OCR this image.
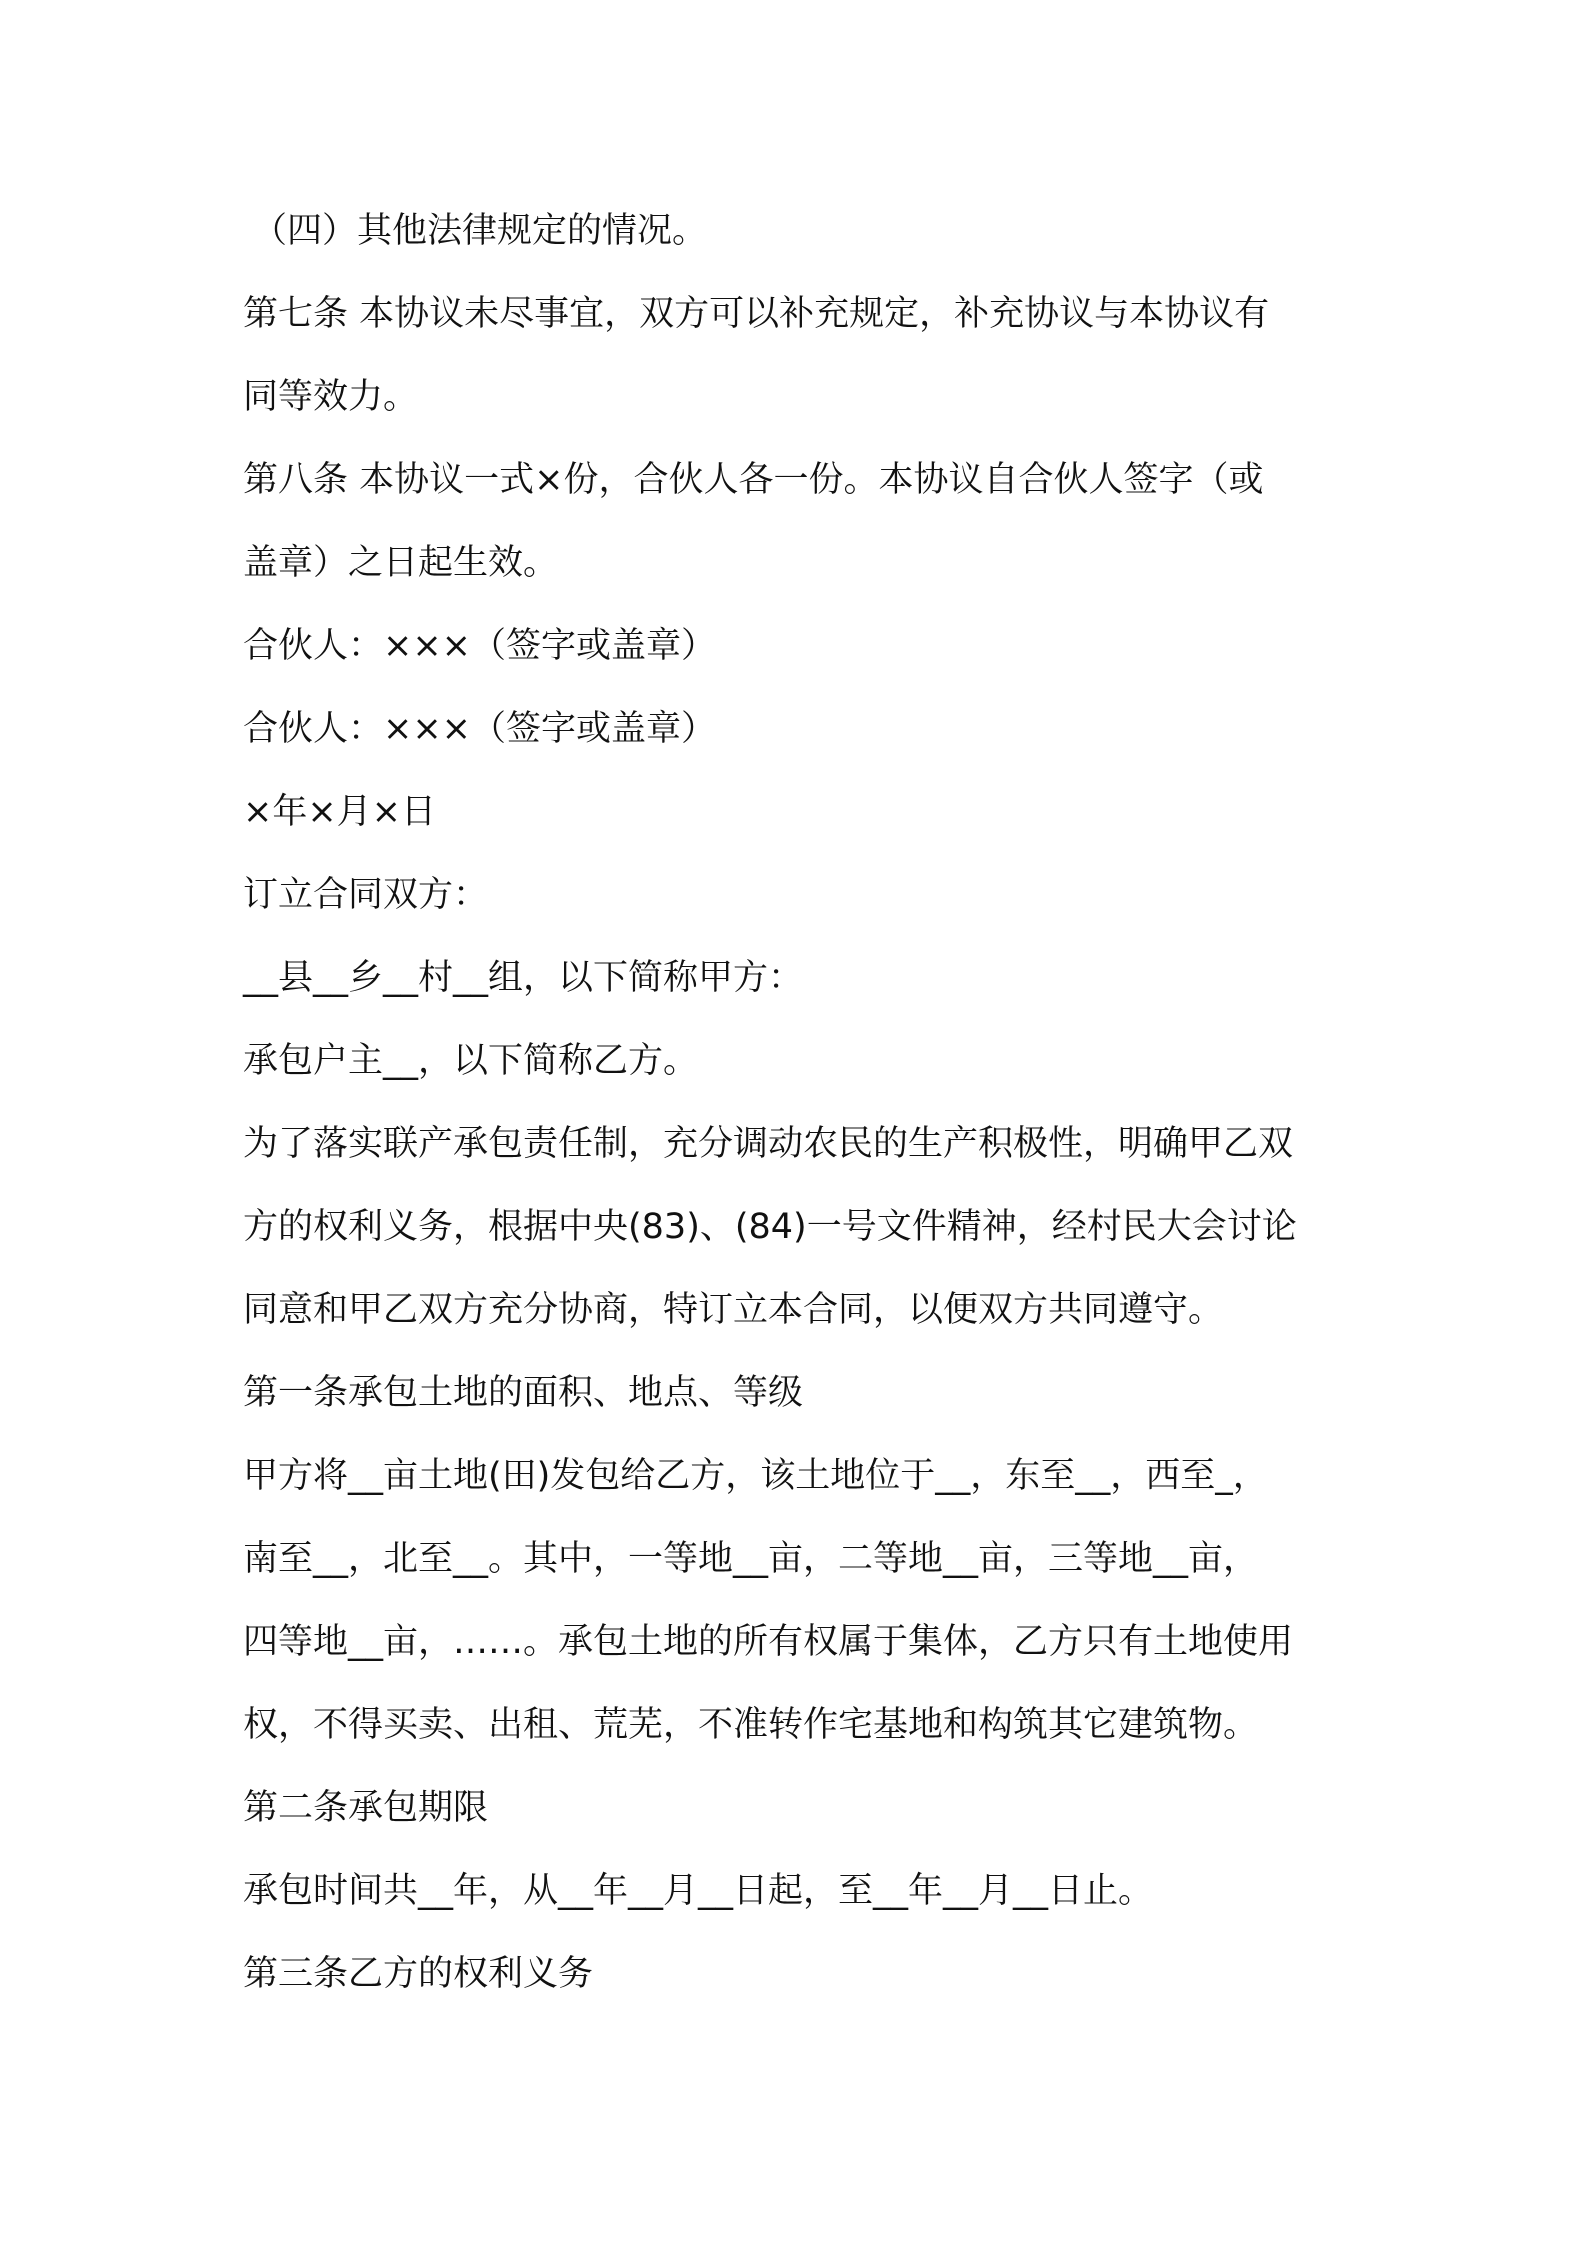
（四）其他法律规定的情况。

第七条 本协议未尽事宜，双方可以补充规定，补充协议与本协议有

同等效力。

第八条 本协议一式×份，合伙人各一份。本协议自合伙人签字（或

盖章）之日起生效。

合伙人：×××（签字或盖章）

合伙人：×××（签字或盖章）

×年×月×日

订立合同双方：

__县__乡__村__组，以下简称甲方：

承包户主__，以下简称乙方。

为了落实联产承包责任制，充分调动农民的生产积极性，明确甲乙双

方的权利义务，根据中央(83)、(84)一号文件精神，经村民大会讨论

同意和甲乙双方充分协商，特订立本合同，以便双方共同遵守。

第一条承包土地的面积、地点、等级

甲方将__亩土地(田)发包给乙方，该土地位于__，东至__，西至_，

南至__，北至__。其中，一等地__亩，二等地__亩，三等地__亩，

四等地__亩，……。承包土地的所有权属于集体，乙方只有土地使用

权，不得买卖、出租、荒芜，不准转作宅基地和构筑其它建筑物。

第二条承包期限

承包时间共__年，从__年__月__日起，至__年__月__日止。

第三条乙方的权利义务
